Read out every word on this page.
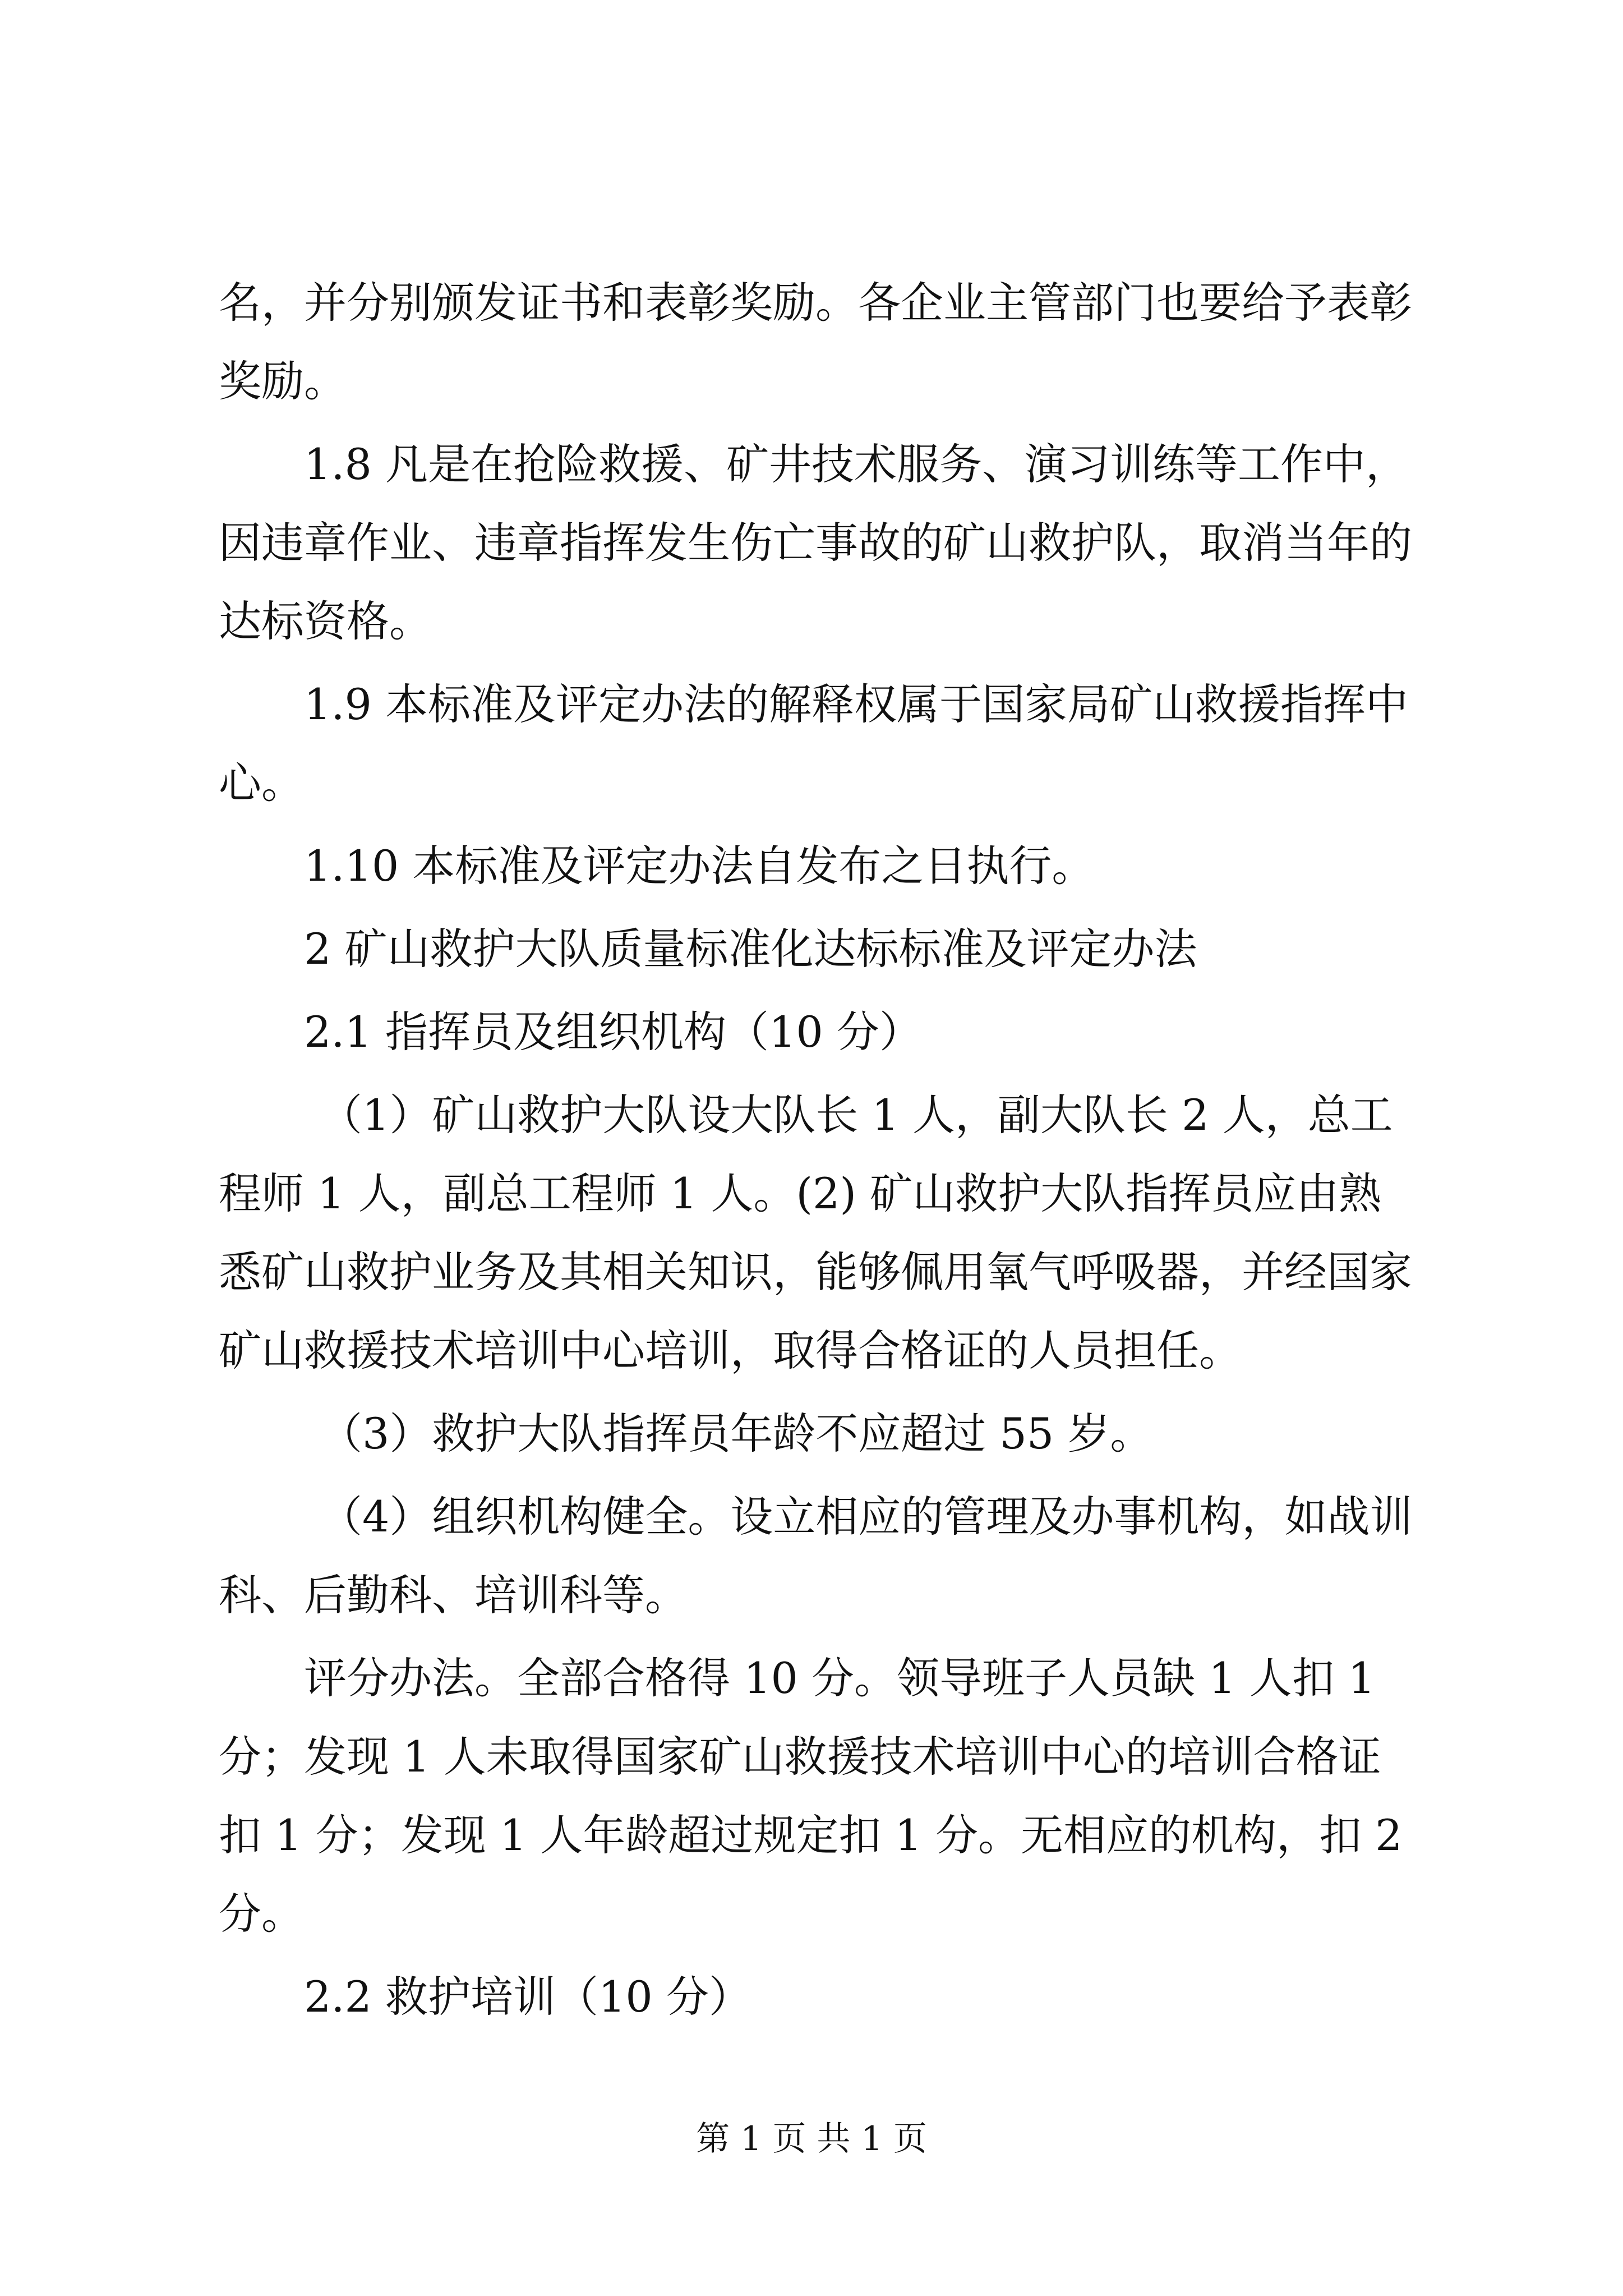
名，并分别颁发证书和表彰奖励。各企业主管部门也要给予表彰奖励。

1.8 凡是在抢险救援、矿井技术服务、演习训练等工作中，因违章作业、违章指挥发生伤亡事故的矿山救护队，取消当年的达标资格。

1.9 本标准及评定办法的解释权属于国家局矿山救援指挥中心。

1.10 本标准及评定办法自发布之日执行。

2 矿山救护大队质量标准化达标标准及评定办法

2.1 指挥员及组织机构（10 分）

（1）矿山救护大队设大队长 1 人，副大队长 2 人，总工程师 1 人，副总工程师 1 人。(2) 矿山救护大队指挥员应由熟悉矿山救护业务及其相关知识，能够佩用氧气呼吸器，并经国家矿山救援技术培训中心培训，取得合格证的人员担任。

（3）救护大队指挥员年龄不应超过 55 岁。

（4）组织机构健全。设立相应的管理及办事机构，如战训科、后勤科、培训科等。

评分办法。全部合格得 10 分。领导班子人员缺 1 人扣 1 分；发现 1 人未取得国家矿山救援技术培训中心的培训合格证扣 1 分；发现 1 人年龄超过规定扣 1 分。无相应的机构，扣 2 分。

2.2 救护培训（10 分）

第 1 页 共 1 页
